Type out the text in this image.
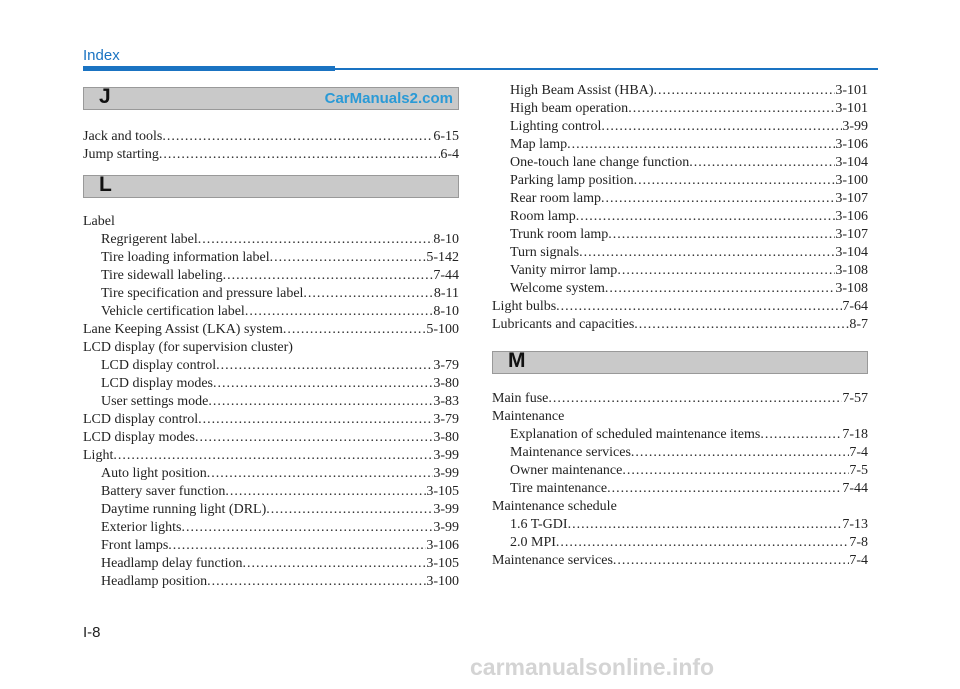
Index
J	CarManuals2.com
Jack and tools .....	6-15
Jump starting .....	6-4
L
Label
Regrigerent label .....	8-10
Tire loading information label .....	5-142
Tire sidewall labeling .....	7-44
Tire specification and pressure label .....	8-11
Vehicle certification label .....	8-10
Lane Keeping Assist (LKA) system .....	5-100
LCD display (for supervision cluster)
LCD display control .....	3-79
LCD display modes .....	3-80
User settings mode .....	3-83
LCD display control .....	3-79
LCD display modes .....	3-80
Light .....	3-99
Auto light position .....	3-99
Battery saver function .....	3-105
Daytime running light (DRL) .....	3-99
Exterior lights .....	3-99
Front lamps .....	3-106
Headlamp delay function .....	3-105
Headlamp position .....	3-100
High Beam Assist (HBA) .....	3-101
High beam operation .....	3-101
Lighting control .....	3-99
Map lamp .....	3-106
One-touch lane change function .....	3-104
Parking lamp position .....	3-100
Rear room lamp .....	3-107
Room lamp .....	3-106
Trunk room lamp .....	3-107
Turn signals .....	3-104
Vanity mirror lamp .....	3-108
Welcome system .....	3-108
Light bulbs .....	7-64
Lubricants and capacities .....	8-7
M
Main fuse .....	7-57
Maintenance
Explanation of scheduled maintenance items .....	7-18
Maintenance services .....	7-4
Owner maintenance .....	7-5
Tire maintenance .....	7-44
Maintenance schedule
1.6 T-GDI .....	7-13
2.0 MPI .....	7-8
Maintenance services .....	7-4
I-8
carmanualsonline.info
